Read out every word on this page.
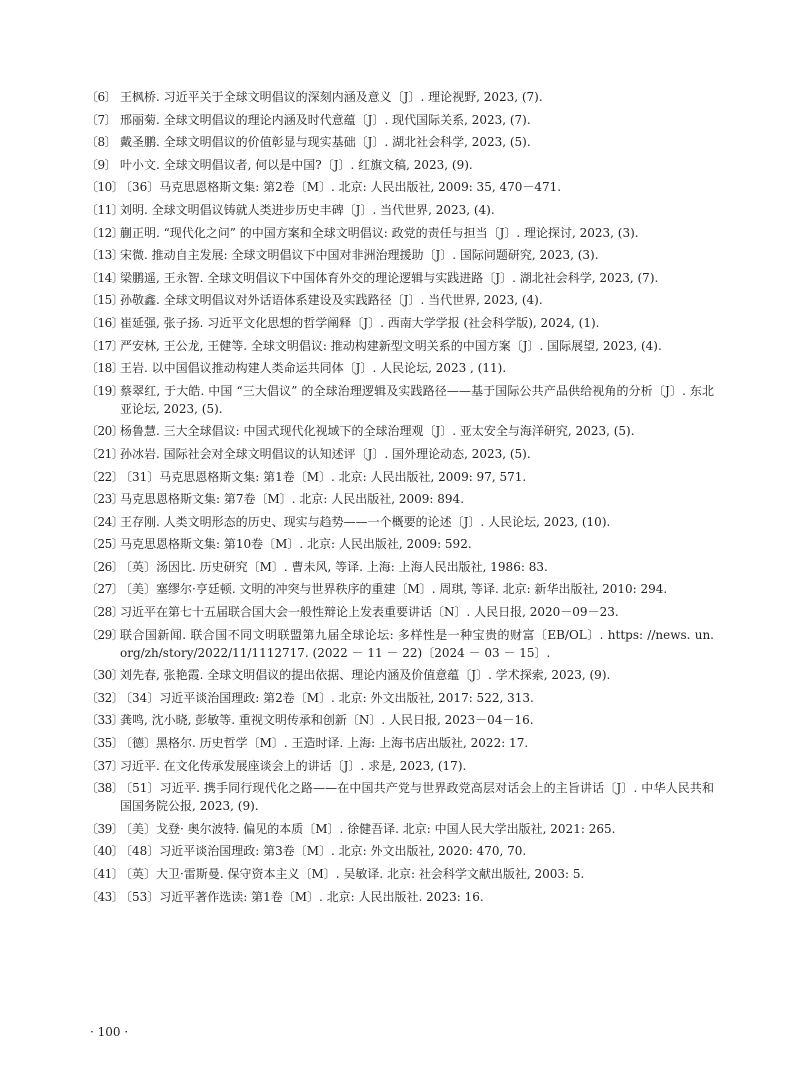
〔6〕 王枫桥. 习近平关于全球文明倡议的深刻内涵及意义〔J〕. 理论视野, 2023, (7).
〔7〕 邢丽菊. 全球文明倡议的理论内涵及时代意蕴〔J〕. 现代国际关系, 2023, (7).
〔8〕 戴圣鹏. 全球文明倡议的价值彰显与现实基础〔J〕. 湖北社会科学, 2023, (5).
〔9〕 叶小文. 全球文明倡议者, 何以是中国?〔J〕. 红旗文稿, 2023, (9).
〔10〕
〔36〕马克思恩格斯文集: 第2卷〔M〕. 北京: 人民出版社, 2009: 35, 470－471.
〔11〕
刘明. 全球文明倡议铸就人类进步历史丰碑〔J〕. 当代世界, 2023, (4).
〔12〕
蒯正明. “现代化之问” 的中国方案和全球文明倡议: 政党的责任与担当〔J〕. 理论探讨, 2023, (3).
〔13〕
宋微. 推动自主发展: 全球文明倡议下中国对非洲治理援助〔J〕. 国际问题研究, 2023, (3).
〔14〕
梁鹏遥, 王永智. 全球文明倡议下中国体育外交的理论逻辑与实践进路〔J〕. 湖北社会科学, 2023, (7).
〔15〕
孙敬鑫. 全球文明倡议对外话语体系建设及实践路径〔J〕. 当代世界, 2023, (4).
〔16〕
崔延强, 张子扬. 习近平文化思想的哲学阐释〔J〕. 西南大学学报 (社会科学版), 2024, (1).
〔17〕
严安林, 王公龙, 王健等. 全球文明倡议: 推动构建新型文明关系的中国方案〔J〕. 国际展望, 2023, (4).
〔18〕
王岩. 以中国倡议推动构建人类命运共同体〔J〕. 人民论坛, 2023 , (11).
〔19〕
蔡翠红, 于大皓. 中国 “三大倡议” 的全球治理逻辑及实践路径——基于国际公共产品供给视角的分析〔J〕. 东北亚论坛, 2023, (5).
〔20〕
杨鲁慧. 三大全球倡议: 中国式现代化视域下的全球治理观〔J〕. 亚太安全与海洋研究, 2023, (5).
〔21〕
孙冰岩. 国际社会对全球文明倡议的认知述评〔J〕. 国外理论动态, 2023, (5).
〔22〕
〔31〕马克思恩格斯文集: 第1卷〔M〕. 北京: 人民出版社, 2009: 97, 571.
〔23〕
马克思恩格斯文集: 第7卷〔M〕. 北京: 人民出版社, 2009: 894.
〔24〕
王存刚. 人类文明形态的历史、现实与趋势——一个概要的论述〔J〕. 人民论坛, 2023, (10).
〔25〕
马克思恩格斯文集: 第10卷〔M〕. 北京: 人民出版社, 2009: 592.
〔26〕
〔英〕汤因比. 历史研究〔M〕. 曹未风, 等译. 上海: 上海人民出版社, 1986: 83.
〔27〕
〔美〕塞缪尔·亨廷顿. 文明的冲突与世界秩序的重建〔M〕. 周琪, 等译. 北京: 新华出版社, 2010: 294.
〔28〕
习近平在第七十五届联合国大会一般性辩论上发表重要讲话〔N〕. 人民日报, 2020－09－23.
〔29〕
联合国新闻. 联合国不同文明联盟第九届全球论坛: 多样性是一种宝贵的财富〔EB/OL〕. https: //news. un. org/zh/story/2022/11/1112717. (2022 － 11 － 22)〔2024 － 03 － 15〕.
〔30〕
刘先春, 张艳霞. 全球文明倡议的提出依据、理论内涵及价值意蕴〔J〕. 学术探索, 2023, (9).
〔32〕
〔34〕习近平谈治国理政: 第2卷〔M〕. 北京: 外文出版社, 2017: 522, 313.
〔33〕
龚鸣, 沈小晓, 彭敏等. 重视文明传承和创新〔N〕. 人民日报, 2023－04－16.
〔35〕
〔德〕黑格尔. 历史哲学〔M〕. 王造时译. 上海: 上海书店出版社, 2022: 17.
〔37〕
习近平. 在文化传承发展座谈会上的讲话〔J〕. 求是, 2023, (17).
〔38〕
〔51〕习近平. 携手同行现代化之路——在中国共产党与世界政党高层对话会上的主旨讲话〔J〕. 中华人民共和国国务院公报, 2023, (9).
〔39〕
〔美〕戈登· 奥尔波特. 偏见的本质〔M〕. 徐健吾译. 北京: 中国人民大学出版社, 2021: 265.
〔40〕
〔48〕习近平谈治国理政: 第3卷〔M〕. 北京: 外文出版社, 2020: 470, 70.
〔41〕
〔英〕大卫·雷斯曼. 保守资本主义〔M〕. 吴敏译. 北京: 社会科学文献出版社, 2003: 5.
〔43〕
〔53〕习近平著作选读: 第1卷〔M〕. 北京: 人民出版社. 2023: 16.
· 100 ·
